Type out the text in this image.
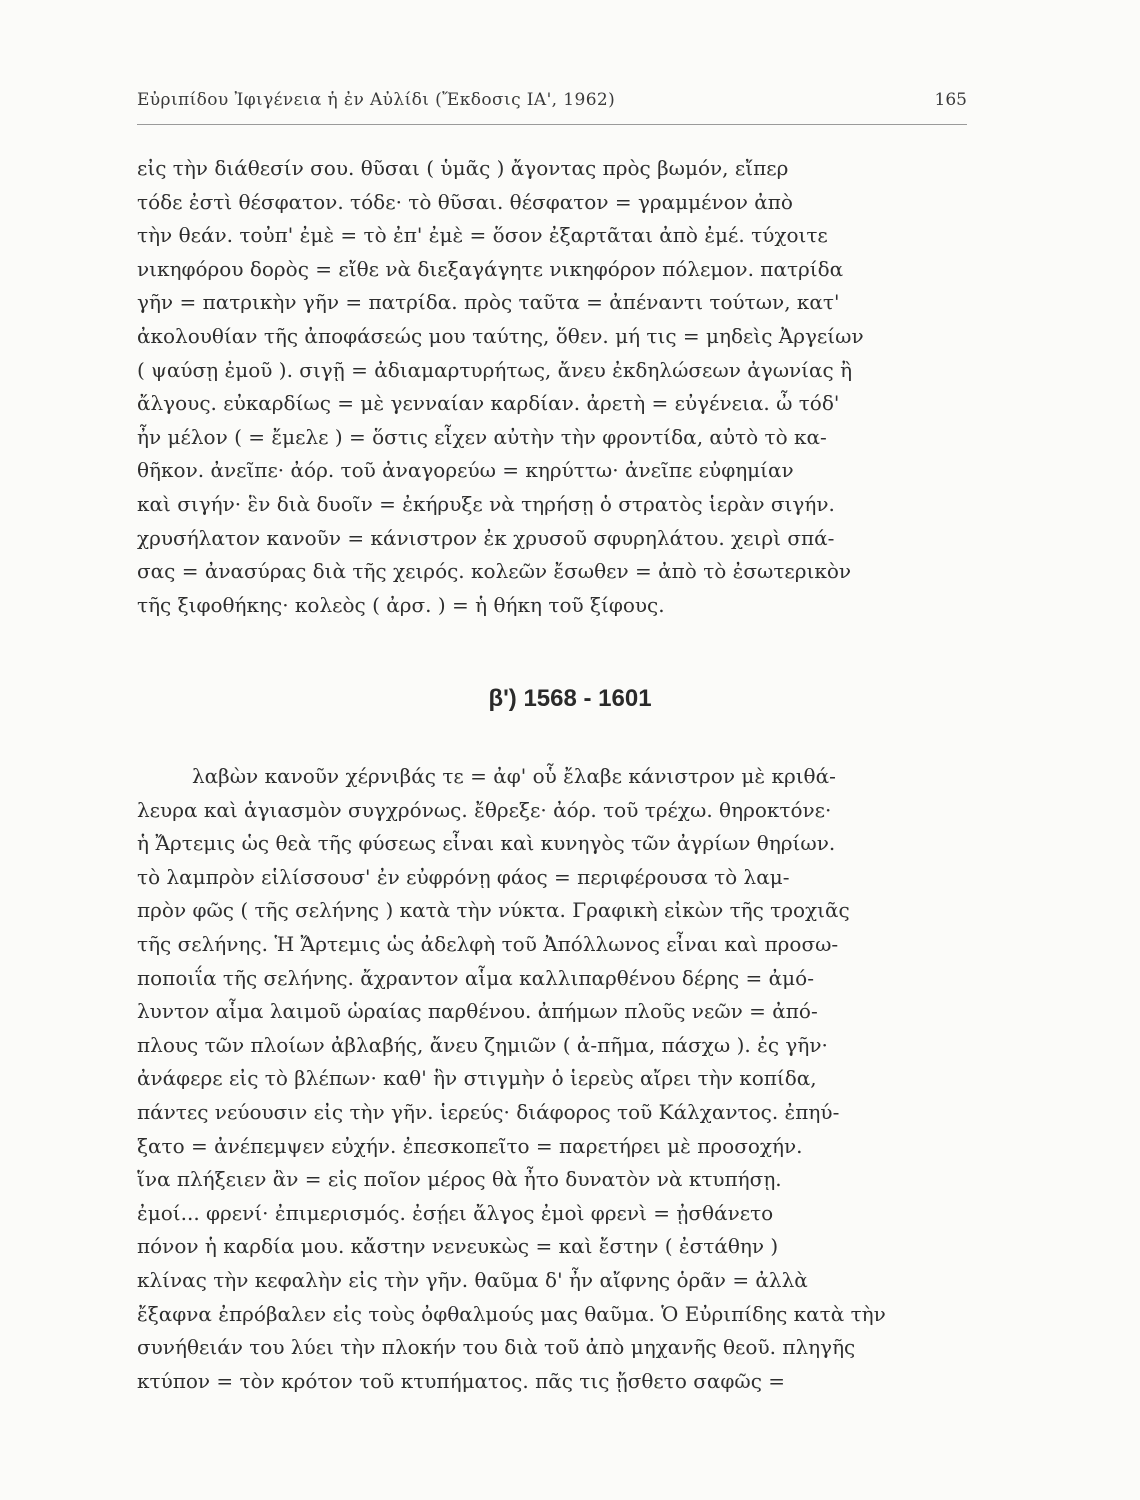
Εὐριπίδου Ἰφιγένεια ἡ ἐν Αὐλίδι (Ἔκδοσις ΙΑ', 1962)	165
εἰς τὴν διάθεσίν σου. θῦσαι ( ὑμᾶς ) ἄγοντας πρὸς βωμόν, εἴπερ
τόδε ἐστὶ θέσφατον. τόδε· τὸ θῦσαι. θέσφατον = γραμμένον ἀπὸ
τὴν θεάν. τοὐπ' ἐμὲ = τὸ ἐπ' ἐμὲ = ὅσον ἐξαρτᾶται ἀπὸ ἐμέ. τύχοιτε
νικηφόρου δορὸς = εἴθε νὰ διεξαγάγητε νικηφόρον πόλεμον. πατρίδα
γῆν = πατρικὴν γῆν = πατρίδα. πρὸς ταῦτα = ἀπέναντι τούτων, κατ'
ἀκολουθίαν τῆς ἀποφάσεώς μου ταύτης, ὅθεν. μή τις = μηδεὶς Ἀργείων
( ψαύσῃ ἐμοῦ ). σιγῇ = ἀδιαμαρτυρήτως, ἄνευ ἐκδηλώσεων ἀγωνίας ἢ
ἄλγους. εὐκαρδίως = μὲ γενναίαν καρδίαν. ἀρετὴ = εὐγένεια. ὦ τόδ'
ἦν μέλον ( = ἔμελε ) = ὅστις εἶχεν αὐτὴν τὴν φροντίδα, αὐτὸ τὸ κα-
θῆκον. ἀνεῖπε· ἀόρ. τοῦ ἀναγορεύω = κηρύττω· ἀνεῖπε εὐφημίαν
καὶ σιγήν· ἓν διὰ δυοῖν = ἐκήρυξε νὰ τηρήσῃ ὁ στρατὸς ἱερὰν σιγήν.
χρυσήλατον κανοῦν = κάνιστρον ἐκ χρυσοῦ σφυρηλάτου. χειρὶ σπά-
σας = ἀνασύρας διὰ τῆς χειρός. κολεῶν ἔσωθεν = ἀπὸ τὸ ἐσωτερικὸν
τῆς ξιφοθήκης· κολεὸς ( ἀρσ. ) = ἡ θήκη τοῦ ξίφους.
β') 1568 - 1601
λαβὼν κανοῦν χέρνιβάς τε = ἀφ' οὗ ἔλαβε κάνιστρον μὲ κριθά-
λευρα καὶ ἁγιασμὸν συγχρόνως. ἔθρεξε· ἀόρ. τοῦ τρέχω. θηροκτόνε·
ἡ Ἄρτεμις ὡς θεὰ τῆς φύσεως εἶναι καὶ κυνηγὸς τῶν ἀγρίων θηρίων.
τὸ λαμπρὸν εἱλίσσουσ' ἐν εὐφρόνῃ φάος = περιφέρουσα τὸ λαμ-
πρὸν φῶς ( τῆς σελήνης ) κατὰ τὴν νύκτα. Γραφικὴ εἰκὼν τῆς τροχιᾶς
τῆς σελήνης. Ἡ Ἄρτεμις ὡς ἀδελφὴ τοῦ Ἀπόλλωνος εἶναι καὶ προσω-
ποποιΐα τῆς σελήνης. ἄχραντον αἷμα καλλιπαρθένου δέρης = ἀμό-
λυντον αἷμα λαιμοῦ ὡραίας παρθένου. ἀπήμων πλοῦς νεῶν = ἀπό-
πλους τῶν πλοίων ἀβλαβής, ἄνευ ζημιῶν ( ἀ-πῆμα, πάσχω ). ἐς γῆν·
ἀνάφερε εἰς τὸ βλέπων· καθ' ἣν στιγμὴν ὁ ἱερεὺς αἴρει τὴν κοπίδα,
πάντες νεύουσιν εἰς τὴν γῆν. ἱερεύς· διάφορος τοῦ Κάλχαντος. ἐπηύ-
ξατο = ἀνέπεμψεν εὐχήν. ἐπεσκοπεῖτο = παρετήρει μὲ προσοχήν.
ἵνα πλήξειεν ἂν = εἰς ποῖον μέρος θὰ ἦτο δυνατὸν νὰ κτυπήσῃ.
ἐμοί... φρενί· ἐπιμερισμός. ἐσῄει ἄλγος ἐμοὶ φρενὶ = ᾐσθάνετο
πόνον ἡ καρδία μου. κἄστην νενευκὼς = καὶ ἔστην ( ἐστάθην )
κλίνας τὴν κεφαλὴν εἰς τὴν γῆν. θαῦμα δ' ἦν αἴφνης ὁρᾶν = ἀλλὰ
ἔξαφνα ἐπρόβαλεν εἰς τοὺς ὀφθαλμούς μας θαῦμα. Ὁ Εὐριπίδης κατὰ τὴν
συνήθειάν του λύει τὴν πλοκήν του διὰ τοῦ ἀπὸ μηχανῆς θεοῦ. πληγῆς
κτύπον = τὸν κρότον τοῦ κτυπήματος. πᾶς τις ᾔσθετο σαφῶς =
